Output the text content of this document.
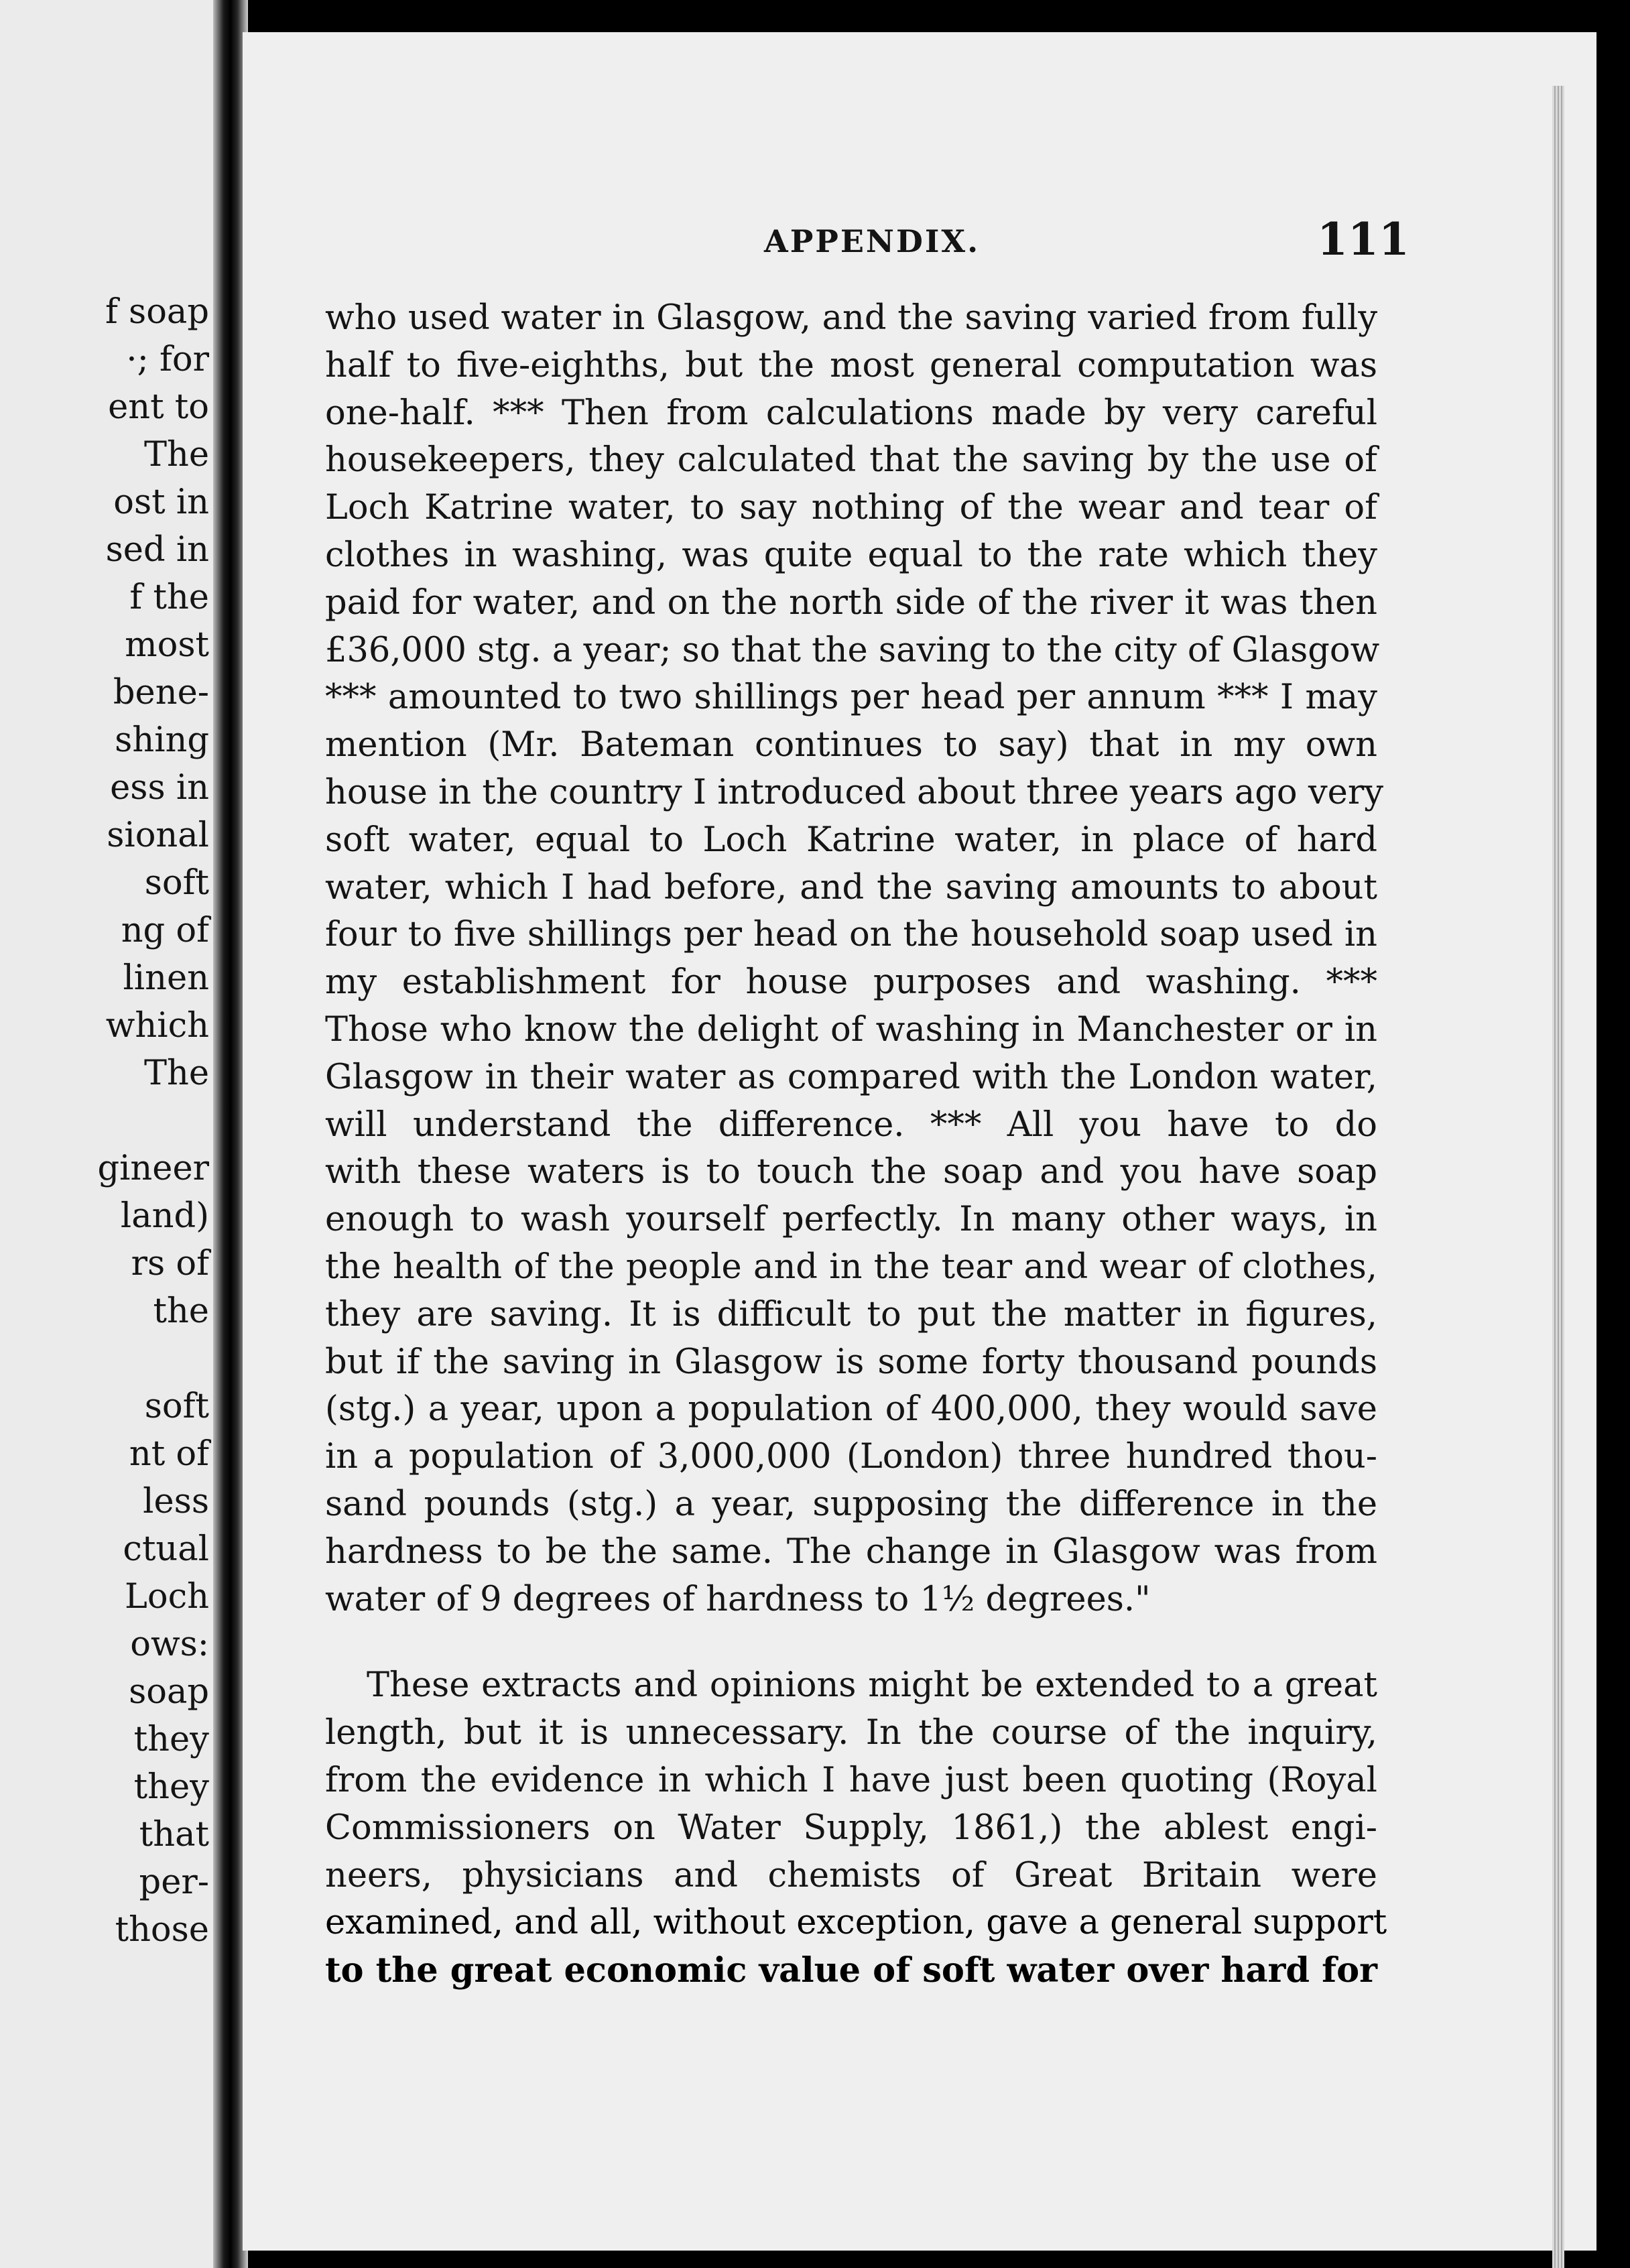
f soap
·; for
ent to
The
ost in
sed in
f the
most
bene-
shing
ess in
sional
soft
ng of
linen
which
The
gineer
land)
rs of
the
soft
nt of
less
ctual
Loch
ows:
soap
they
they
that
per-
those
APPENDIX.	111
who used water in Glasgow, and the saving varied from fully
half to five-eighths, but the most general computation was
one-half. *** Then from calculations made by very careful
housekeepers, they calculated that the saving by the use of
Loch Katrine water, to say nothing of the wear and tear of
clothes in washing, was quite equal to the rate which they
paid for water, and on the north side of the river it was then
£36,000 stg. a year; so that the saving to the city of Glasgow
*** amounted to two shillings per head per annum *** I may
mention (Mr. Bateman continues to say) that in my own
house in the country I introduced about three years ago very
soft water, equal to Loch Katrine water, in place of hard
water, which I had before, and the saving amounts to about
four to five shillings per head on the household soap used in
my establishment for house purposes and washing. ***
Those who know the delight of washing in Manchester or in
Glasgow in their water as compared with the London water,
will understand the difference. *** All you have to do
with these waters is to touch the soap and you have soap
enough to wash yourself perfectly. In many other ways, in
the health of the people and in the tear and wear of clothes,
they are saving. It is difficult to put the matter in figures,
but if the saving in Glasgow is some forty thousand pounds
(stg.) a year, upon a population of 400,000, they would save
in a population of 3,000,000 (London) three hundred thou-
sand pounds (stg.) a year, supposing the difference in the
hardness to be the same. The change in Glasgow was from
water of 9 degrees of hardness to 1½ degrees."
These extracts and opinions might be extended to a great
length, but it is unnecessary. In the course of the inquiry,
from the evidence in which I have just been quoting (Royal
Commissioners on Water Supply, 1861,) the ablest engi-
neers, physicians and chemists of Great Britain were
examined, and all, without exception, gave a general support
to the great economic value of soft water over hard for
